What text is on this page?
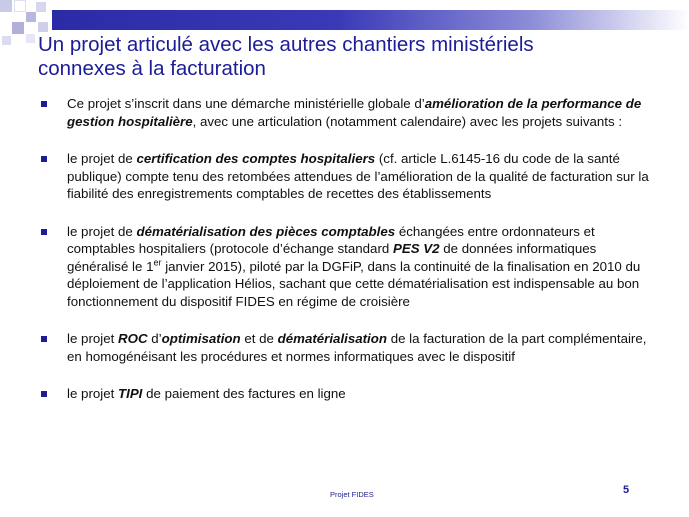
Un projet articulé avec les autres chantiers ministériels
connexes à la facturation
Ce projet s’inscrit dans une démarche ministérielle globale d’amélioration de la performance de gestion hospitalière, avec une articulation (notamment calendaire) avec les projets suivants :
le projet de certification des comptes hospitaliers (cf. article L.6145-16 du code de la santé publique) compte tenu des retombées attendues de l’amélioration de la qualité de facturation sur la fiabilité des enregistrements comptables de recettes des établissements
le projet de dématérialisation des pièces comptables échangées entre ordonnateurs et comptables hospitaliers (protocole d’échange standard PES V2 de données informatiques généralisé le 1er janvier 2015), piloté par la DGFiP, dans la continuité de la finalisation en 2010 du déploiement de l’application Hélios, sachant que cette dématérialisation est indispensable au bon fonctionnement du dispositif FIDES en régime de croisière
le projet ROC d’optimisation et de dématérialisation de la facturation de la part complémentaire, en homogénéisant les procédures et normes informatiques avec le dispositif
le projet TIPI de paiement des factures en ligne
Projet FIDES	5
